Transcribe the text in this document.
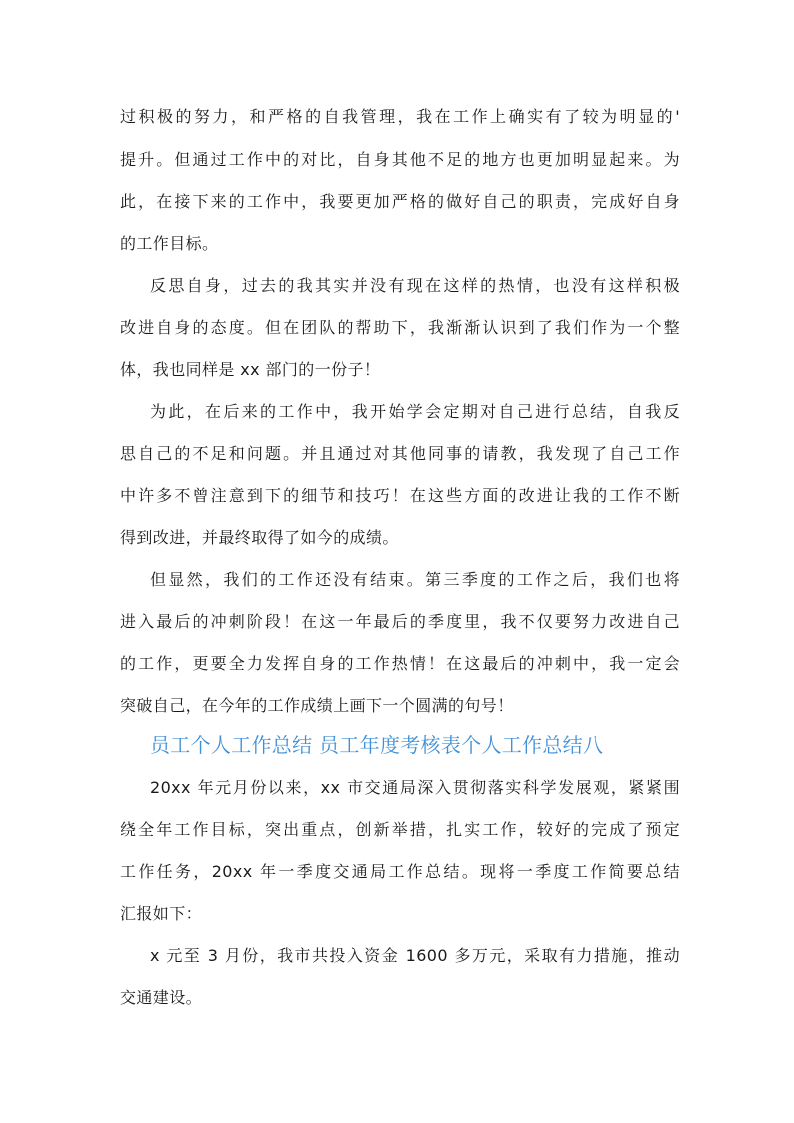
过积极的努力，和严格的自我管理，我在工作上确实有了较为明显的'
提升。但通过工作中的对比，自身其他不足的地方也更加明显起来。为
此，在接下来的工作中，我要更加严格的做好自己的职责，完成好自身
的工作目标。
反思自身，过去的我其实并没有现在这样的热情，也没有这样积极
改进自身的态度。但在团队的帮助下，我渐渐认识到了我们作为一个整
体，我也同样是 xx 部门的一份子！
为此，在后来的工作中，我开始学会定期对自己进行总结，自我反
思自己的不足和问题。并且通过对其他同事的请教，我发现了自己工作
中许多不曾注意到下的细节和技巧！在这些方面的改进让我的工作不断
得到改进，并最终取得了如今的成绩。
但显然，我们的工作还没有结束。第三季度的工作之后，我们也将
进入最后的冲刺阶段！在这一年最后的季度里，我不仅要努力改进自己
的工作，更要全力发挥自身的工作热情！在这最后的冲刺中，我一定会
突破自己，在今年的工作成绩上画下一个圆满的句号！
员工个人工作总结 员工年度考核表个人工作总结八
20xx 年元月份以来，xx 市交通局深入贯彻落实科学发展观，紧紧围
绕全年工作目标，突出重点，创新举措，扎实工作，较好的完成了预定
工作任务，20xx 年一季度交通局工作总结。现将一季度工作简要总结
汇报如下：
x 元至 3 月份，我市共投入资金 1600 多万元，采取有力措施，推动
交通建设。
